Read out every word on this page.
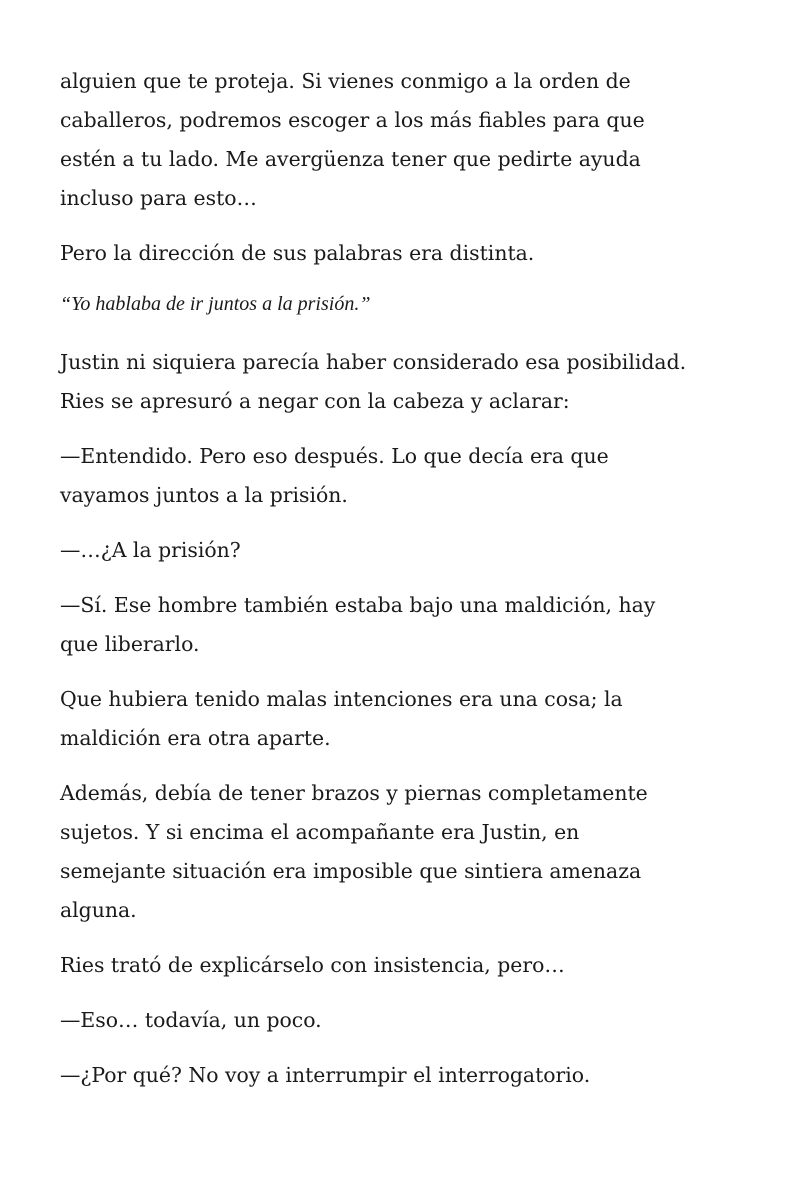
alguien que te proteja. Si vienes conmigo a la orden de
caballeros, podremos escoger a los más fiables para que
estén a tu lado. Me avergüenza tener que pedirte ayuda
incluso para esto…

Pero la dirección de sus palabras era distinta.

“Yo hablaba de ir juntos a la prisión.”

Justin ni siquiera parecía haber considerado esa posibilidad.
Ries se apresuró a negar con la cabeza y aclarar:

—Entendido. Pero eso después. Lo que decía era que
vayamos juntos a la prisión.

—…¿A la prisión?

—Sí. Ese hombre también estaba bajo una maldición, hay
que liberarlo.

Que hubiera tenido malas intenciones era una cosa; la
maldición era otra aparte.

Además, debía de tener brazos y piernas completamente
sujetos. Y si encima el acompañante era Justin, en
semejante situación era imposible que sintiera amenaza
alguna.

Ries trató de explicárselo con insistencia, pero…

—Eso… todavía, un poco.

—¿Por qué? No voy a interrumpir el interrogatorio.
